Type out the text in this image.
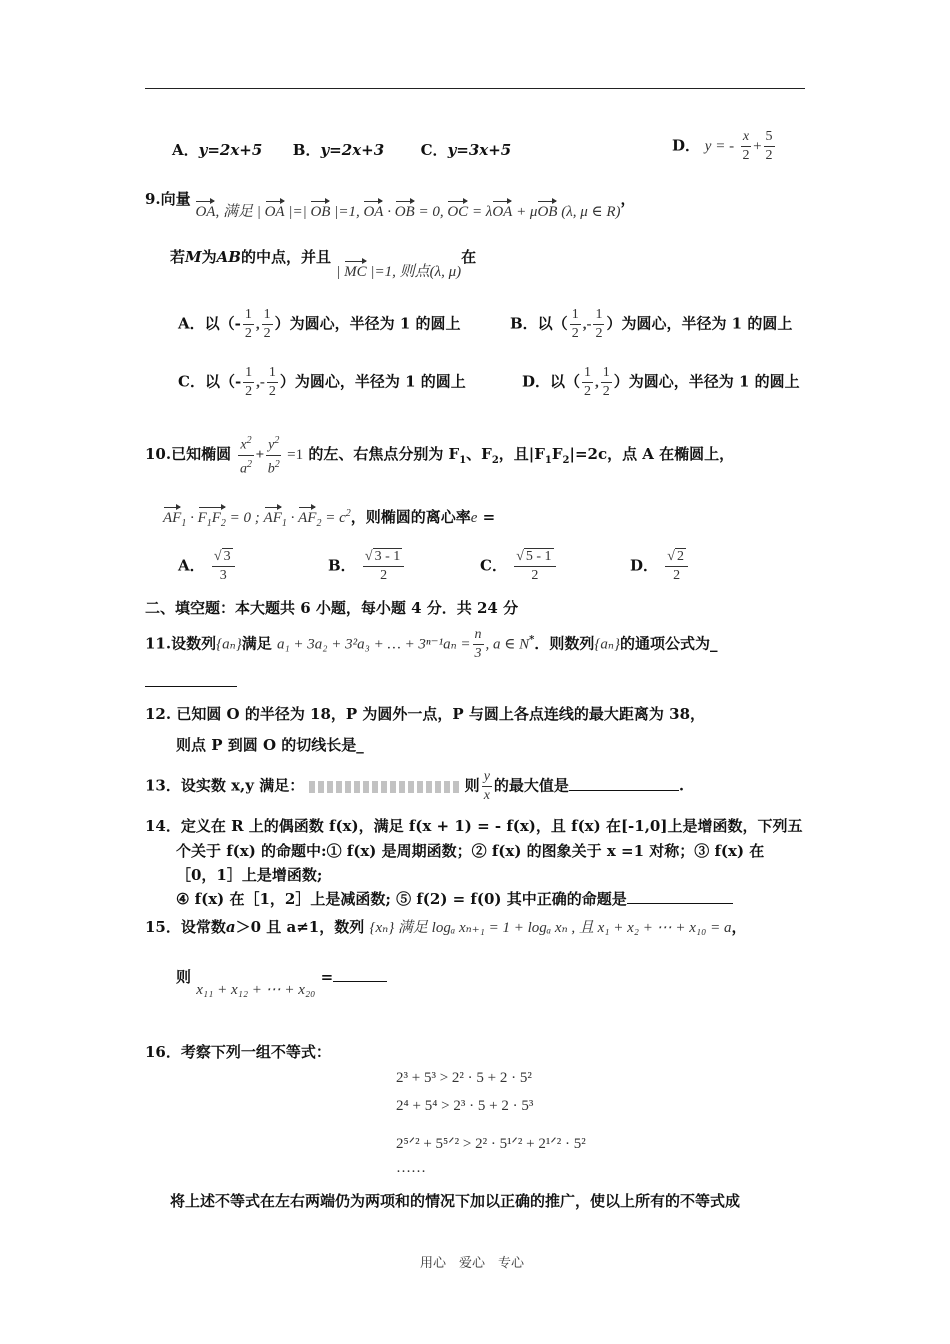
A．y=2x+5 B．y=2x+3 C．y=3x+5	D． y = - $\frac{x}{2} + \frac{5}{2}$
9.向量 OA, 满足 | OA |=| OB |=1, OA · OB = 0, OC = λOA + μOB (λ, μ ∈ R)，
若M为AB的中点，并且 | MC |=1, 则点(λ, μ)在
A．以（- $\frac{1}{2}$ , $\frac{1}{2}$ ）为圆心，半径为 1 的圆上	B．以（ $\frac{1}{2}$ ,- $\frac{1}{2}$ ）为圆心，半径为 1 的圆上
C．以（- $\frac{1}{2}$ ,- $\frac{1}{2}$ ）为圆心，半径为 1 的圆上	D．以（ $\frac{1}{2}$ , $\frac{1}{2}$ ）为圆心，半径为 1 的圆上
10.已知椭圆 $\frac{x^2}{a^2} + \frac{y^2}{b^2} =1$ 的左、右焦点分别为 $F_1$、$F_2$，且$|F_1F_2|=2c$，点 A 在椭圆上，
$AF_1 \cdot F_1F_2 = 0$ ; $AF_1 \cdot AF_2 = c^2$，则椭圆的离心率e =
A． $\frac{√ 3}{3}$	B． $\frac{√ 3 - 1}{2}$	C． $\frac{√ 5 - 1}{2}$	D． $\frac{√ 2}{2}$
二、填空题：本大题共 6 小题，每小题 4 分．共 24 分
11.设数列{aₙ}满足 a₁ + 3a₂ + 3²a₃ + … + $3^{n-1}a_n = \frac{n}{3}$ , a ∈ N*．则数列{aₙ}的通项公式为_
12. 已知圆 O 的半径为 18，P 为圆外一点，P 与圆上各点连线的最大距离为 38，
则点 P 到圆 O 的切线长是_
13．设实数 x,y 满足：	则 $\frac{y}{x}$ 的最大值是	.
14．定义在 R 上的偶函数 f(x)，满足 f(x + 1) = - f(x)，且 f(x) 在[-1,0]上是增函数，下列五
个关于 f(x) 的命题中:① f(x) 是周期函数；② f(x) 的图象关于 x =1 对称；③ f(x) 在
［0，1］上是增函数;
④ f(x) 在［1，2］上是减函数; ⑤ f(2) = f(0) 其中正确的命题是
15．设常数a＞0 且 a≠1，数列 {xₙ} 满足 logₐ xₙ₊₁ = 1 + logₐ xₙ , 且 x₁ + x₂ + ⋯ + x₁₀ = a，
则 x₁₁ + x₁₂ + ⋯ + x₂₀ =
16．考察下列一组不等式：
2³ + 5³ > 2² · 5 + 2 · 5²
2⁴ + 5⁴ > 2³ · 5 + 2 · 5³
2⁵ᐟ² + 5⁵ᐟ² > 2² · 5¹ᐟ² + 2¹ᐟ² · 5²
……
将上述不等式在左右两端仍为两项和的情况下加以正确的推广，使以上所有的不等式成
用心　爱心　专心
